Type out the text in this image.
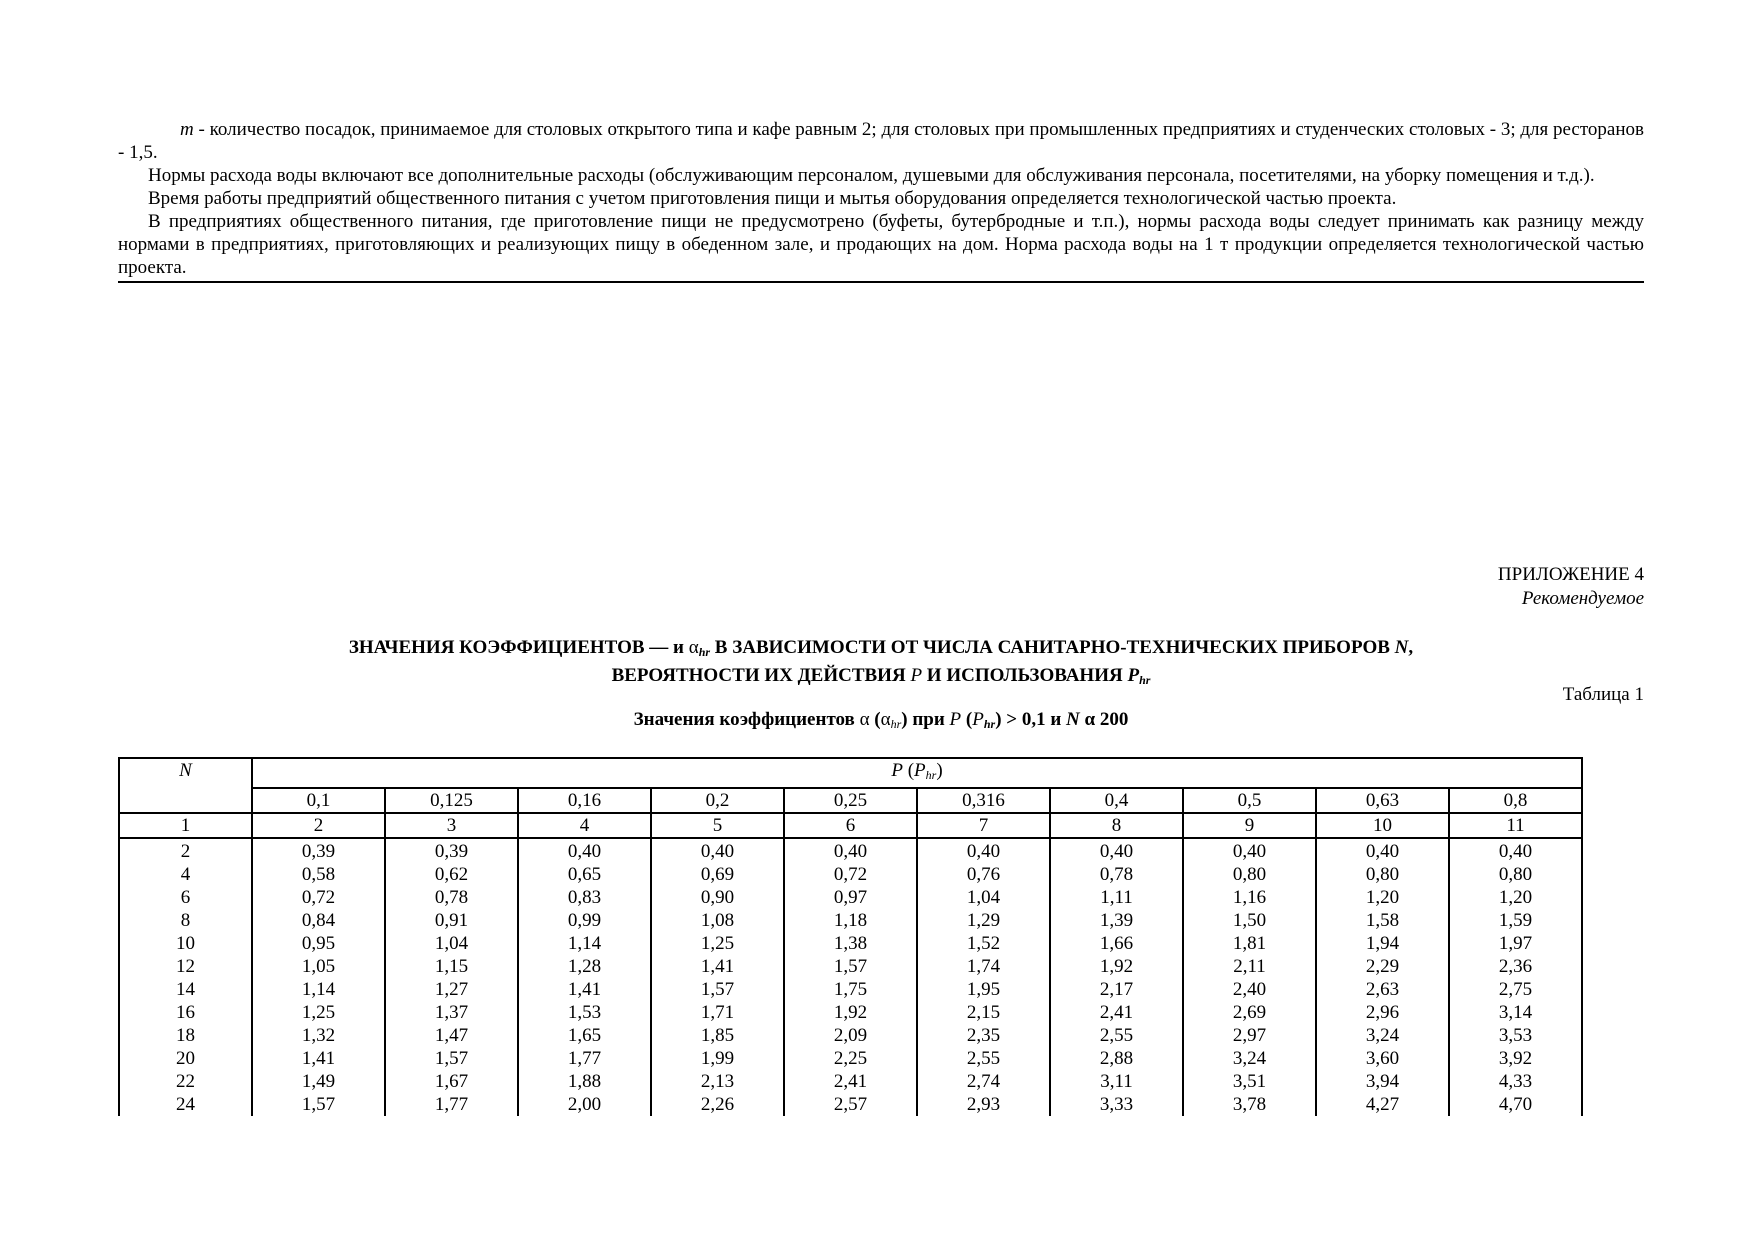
m - количество посадок, принимаемое для столовых открытого типа и кафе равным 2; для столовых при промышленных предприятиях и студенческих столовых - 3; для ресторанов - 1,5.

Нормы расхода воды включают все дополнительные расходы (обслуживающим персоналом, душевыми для обслуживания персонала, посетителями, на уборку помещения и т.д.).

Время работы предприятий общественного питания с учетом приготовления пищи и мытья оборудования определяется технологической частью проекта.

В предприятиях общественного питания, где приготовление пищи не предусмотрено (буфеты, бутербродные и т.п.), нормы расхода воды следует принимать как разницу между нормами в предприятиях, приготовляющих и реализующих пищу в обеденном зале, и продающих на дом. Норма расхода воды на 1 т продукции определяется технологической частью проекта.

ПРИЛОЖЕНИЕ 4
Рекомендуемое
ЗНАЧЕНИЯ КОЭФФИЦИЕНТОВ — и $\alpha_{hr}$ В ЗАВИСИМОСТИ ОТ ЧИСЛА САНИТАРНО-ТЕХНИЧЕСКИХ ПРИБОРОВ N,
ВЕРОЯТНОСТИ ИХ ДЕЙСТВИЯ P И ИСПОЛЬЗОВАНИЯ $P_{hr}$
Таблица 1
Значения коэффициентов α $(\alpha_{hr})$ при P $(P_{hr}) > 0,1$ и N α 200
N	P $(P_{hr})$									
	0,1	0,125	0,16	0,2	0,25	0,316	0,4	0,5	0,63	0,8
1	2	3	4	5	6	7	8	9	10	11
2	0,39	0,39	0,40	0,40	0,40	0,40	0,40	0,40	0,40	0,40
4	0,58	0,62	0,65	0,69	0,72	0,76	0,78	0,80	0,80	0,80
6	0,72	0,78	0,83	0,90	0,97	1,04	1,11	1,16	1,20	1,20
8	0,84	0,91	0,99	1,08	1,18	1,29	1,39	1,50	1,58	1,59
10	0,95	1,04	1,14	1,25	1,38	1,52	1,66	1,81	1,94	1,97
12	1,05	1,15	1,28	1,41	1,57	1,74	1,92	2,11	2,29	2,36
14	1,14	1,27	1,41	1,57	1,75	1,95	2,17	2,40	2,63	2,75
16	1,25	1,37	1,53	1,71	1,92	2,15	2,41	2,69	2,96	3,14
18	1,32	1,47	1,65	1,85	2,09	2,35	2,55	2,97	3,24	3,53
20	1,41	1,57	1,77	1,99	2,25	2,55	2,88	3,24	3,60	3,92
22	1,49	1,67	1,88	2,13	2,41	2,74	3,11	3,51	3,94	4,33
24	1,57	1,77	2,00	2,26	2,57	2,93	3,33	3,78	4,27	4,70
